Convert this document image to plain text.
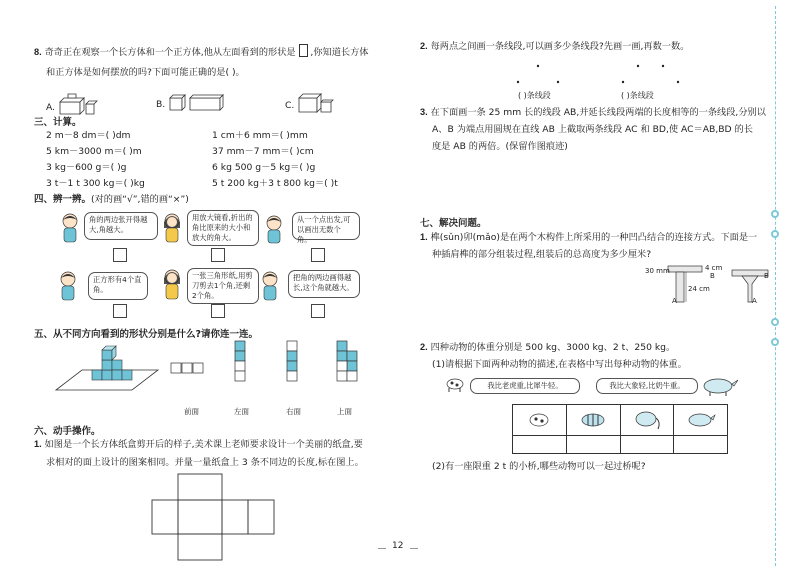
8. 奇奇正在观察一个长方体和一个正方体,他从左面看到的形状是 ,你知道长方体
和正方体是如何摆放的吗?下面可能正确的是( )。
A.	B.	C.
三、计算。
2 m－8 dm＝( )dm	1 cm＋6 mm＝( )mm
5 km－3000 m＝( )m	37 mm－7 mm＝( )cm
3 kg－600 g＝( )g	6 kg 500 g－5 kg＝( )g
3 t－1 t 300 kg＝( )kg	5 t 200 kg＋3 t 800 kg＝( )t
四、辨一辨。(对的画“√”,错的画“×”)
角的两边张开得越大,角越大。
用放大镜看,折出的角比原来的大小和放大的角大。
从一个点出发,可以画出无数个角。
正方形有4个直角。
一张三角形纸,用剪刀剪去1个角,还剩2个角。
把角的两边画得越长,这个角就越大。
五、从不同方向看到的形状分别是什么?请你连一连。
前面	左面	右面	上面
六、动手操作。
1. 如图是一个长方体纸盒剪开后的样子,美术课上老师要求设计一个美丽的纸盒,要
求相对的面上设计的图案相同。并量一量纸盒上 3 条不同边的长度,标在图上。
2. 每两点之间画一条线段,可以画多少条线段?先画一画,再数一数。
( )条线段	( )条线段
3. 在下面画一条 25 mm 长的线段 AB,并延长线段两端的长度相等的一条线段,分别以
A、B 为端点用圆规在直线 AB 上截取两条线段 AC 和 BD,使 AC＝AB,BD 的长
度是 AB 的两倍。(保留作图痕迹)
七、解决问题。
1. 榫(sǔn)卯(mǎo)是在两个木构件上所采用的一种凹凸结合的连接方式。下面是一
种插肩榫的部分组装过程,组装后的总高度为多少厘米?
30 mm	4 cm
24 cm
B
A
B
A
2. 四种动物的体重分别是 500 kg、3000 kg、2 t、250 kg。
(1)请根据下面两种动物的描述,在表格中写出每种动物的体重。
我比老虎重,比犀牛轻。	我比大象轻,比奶牛重。
(2)有一座限重 2 t 的小桥,哪些动物可以一起过桥呢?
12
